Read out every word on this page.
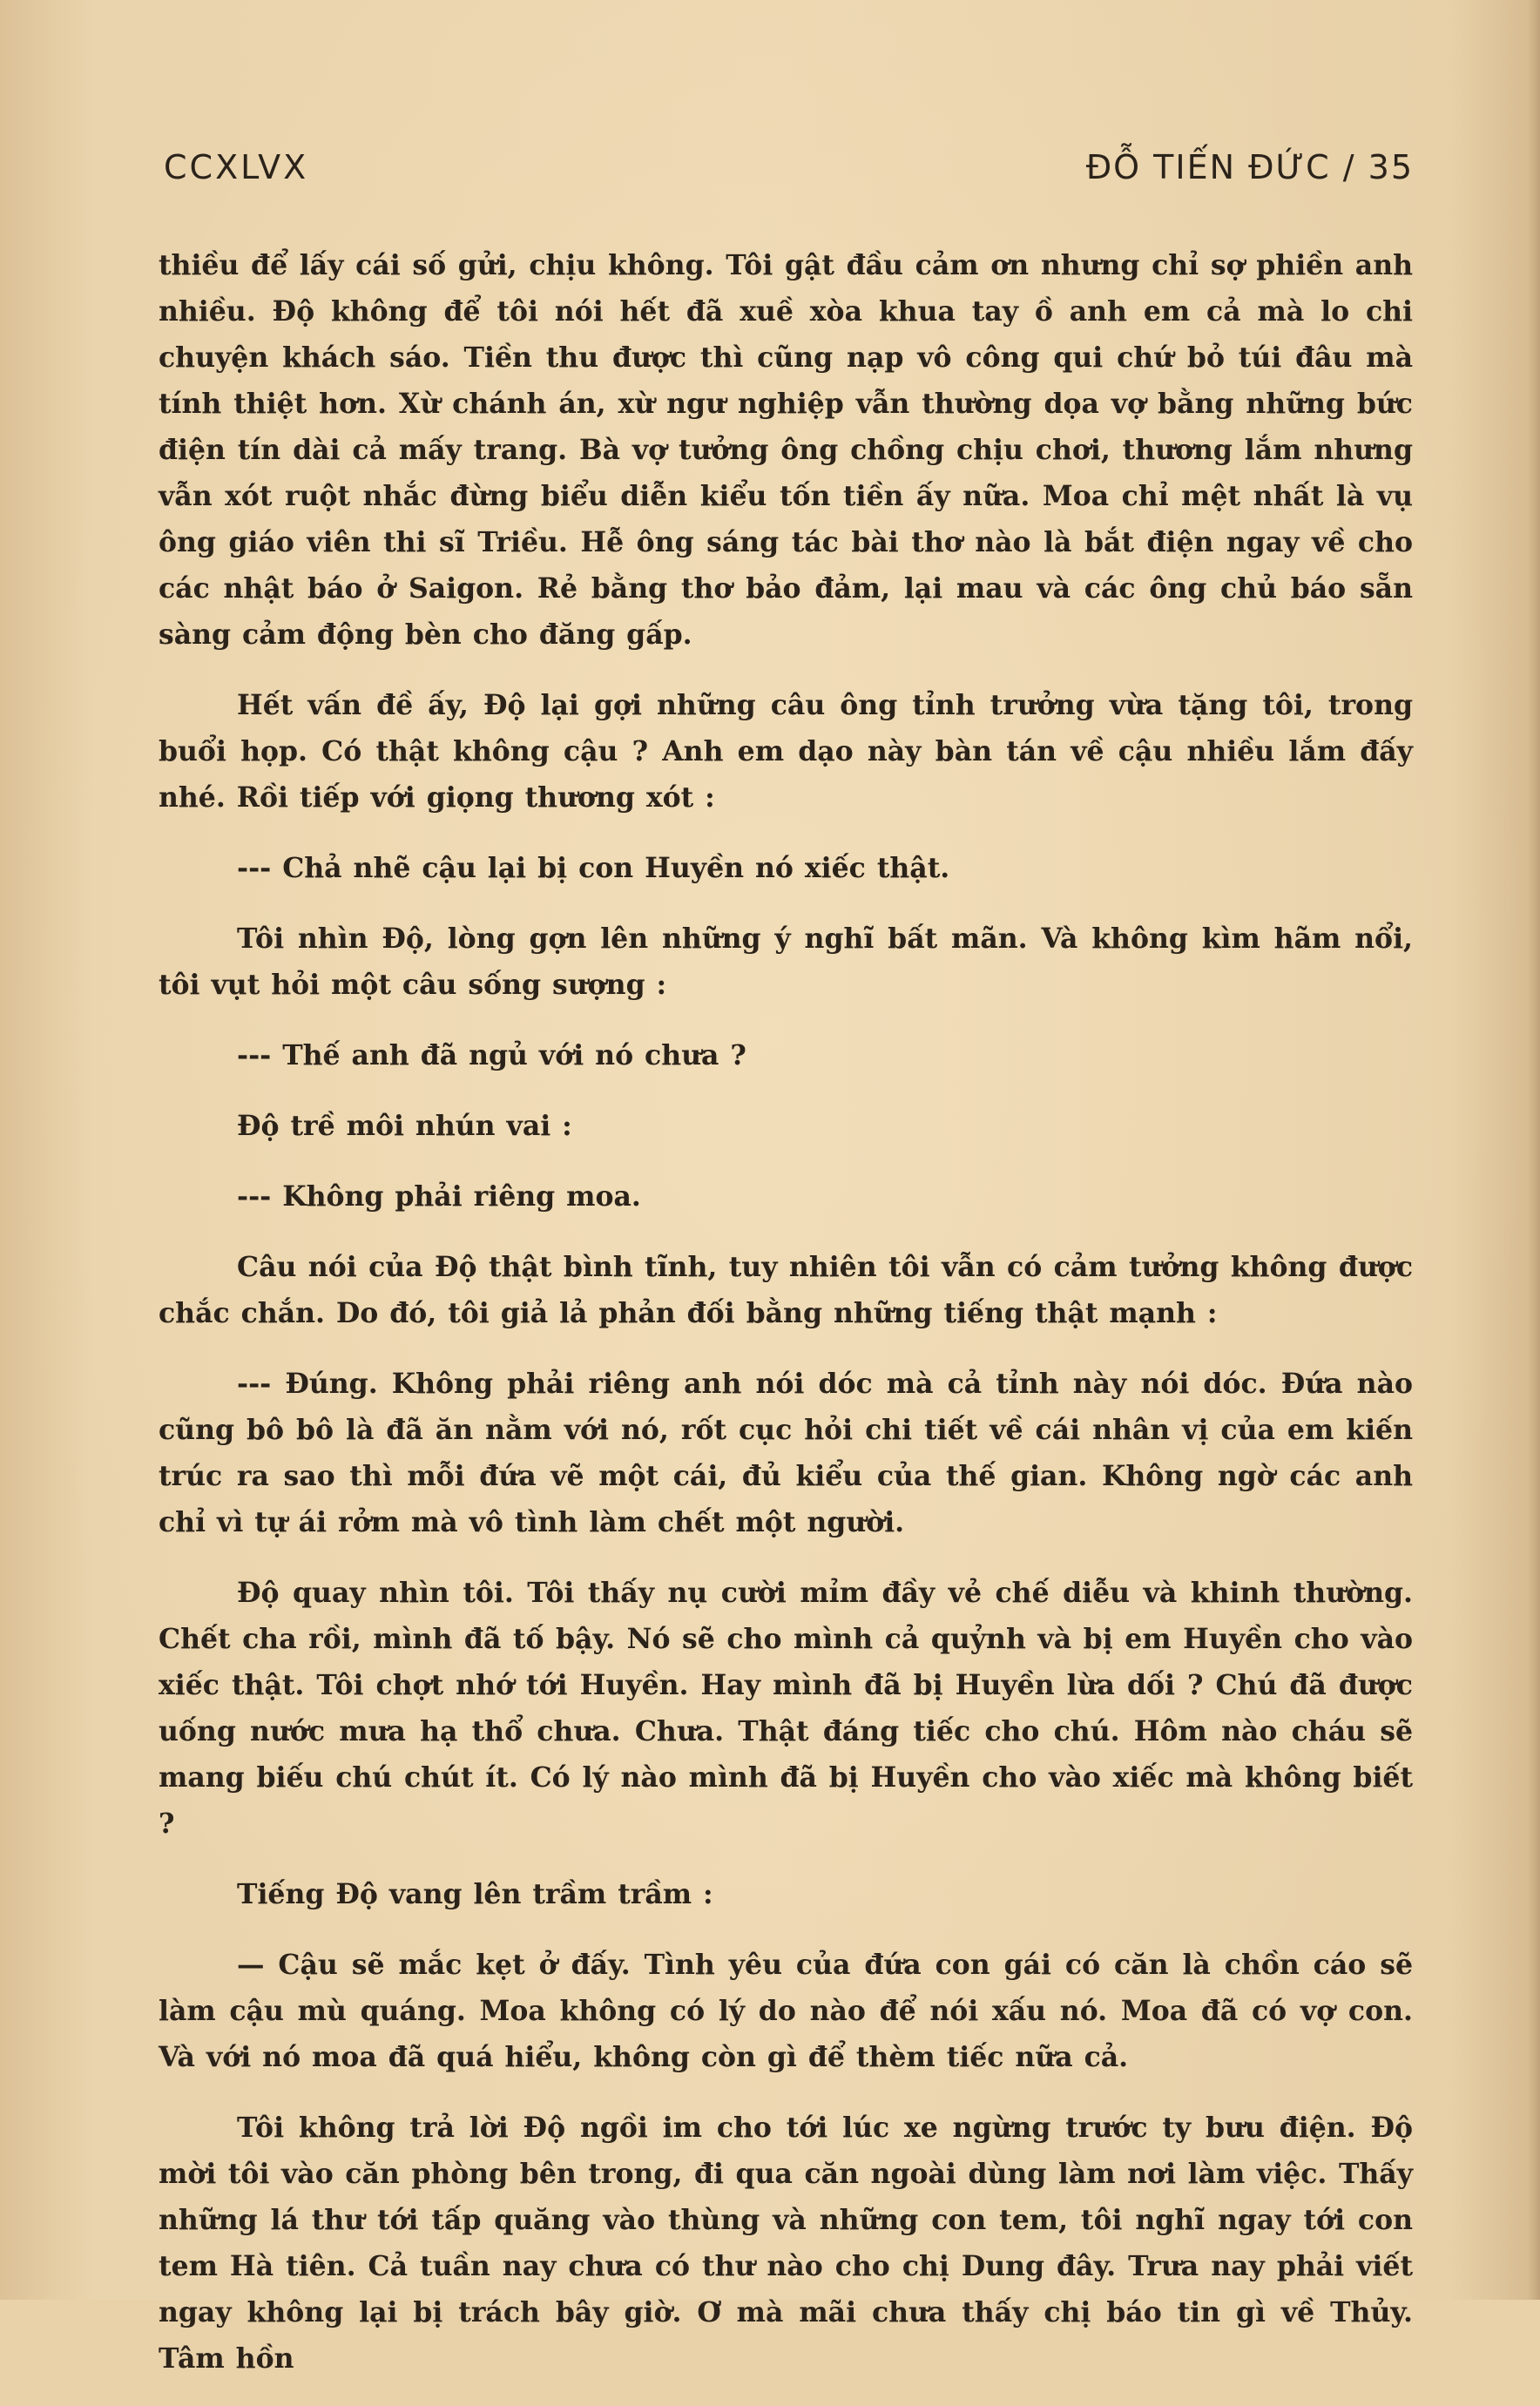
CCXLVX	ĐỖ TIẾN ĐỨC / 35

thiều để lấy cái số gửi, chịu không. Tôi gật đầu cảm ơn nhưng chỉ sợ phiền anh nhiều. Độ không để tôi nói hết đã xuề xòa khua tay ồ anh em cả mà lo chi chuyện khách sáo. Tiền thu được thì cũng nạp vô công qui chứ bỏ túi đâu mà tính thiệt hơn. Xừ chánh án, xừ ngư nghiệp vẫn thường dọa vợ bằng những bức điện tín dài cả mấy trang. Bà vợ tưởng ông chồng chịu chơi, thương lắm nhưng vẫn xót ruột nhắc đừng biểu diễn kiểu tốn tiền ấy nữa. Moa chỉ mệt nhất là vụ ông giáo viên thi sĩ Triều. Hễ ông sáng tác bài thơ nào là bắt điện ngay về cho các nhật báo ở Saigon. Rẻ bằng thơ bảo đảm, lại mau và các ông chủ báo sẵn sàng cảm động bèn cho đăng gấp.

Hết vấn đề ấy, Độ lại gợi những câu ông tỉnh trưởng vừa tặng tôi, trong buổi họp. Có thật không cậu ? Anh em dạo này bàn tán về cậu nhiều lắm đấy nhé. Rồi tiếp với giọng thương xót :

--- Chả nhẽ cậu lại bị con Huyền nó xiếc thật.

Tôi nhìn Độ, lòng gợn lên những ý nghĩ bất mãn. Và không kìm hãm nổi, tôi vụt hỏi một câu sống sượng :

--- Thế anh đã ngủ với nó chưa ?

Độ trề môi nhún vai :

--- Không phải riêng moa.

Câu nói của Độ thật bình tĩnh, tuy nhiên tôi vẫn có cảm tưởng không được chắc chắn. Do đó, tôi giả lả phản đối bằng những tiếng thật mạnh :

--- Đúng. Không phải riêng anh nói dóc mà cả tỉnh này nói dóc. Đứa nào cũng bô bô là đã ăn nằm với nó, rốt cục hỏi chi tiết về cái nhân vị của em kiến trúc ra sao thì mỗi đứa vẽ một cái, đủ kiểu của thế gian. Không ngờ các anh chỉ vì tự ái rởm mà vô tình làm chết một người.

Độ quay nhìn tôi. Tôi thấy nụ cười mỉm đầy vẻ chế diễu và khinh thường. Chết cha rồi, mình đã tố bậy. Nó sẽ cho mình cả quỷnh và bị em Huyền cho vào xiếc thật. Tôi chợt nhớ tới Huyền. Hay mình đã bị Huyền lừa dối ? Chú đã được uống nước mưa hạ thổ chưa. Chưa. Thật đáng tiếc cho chú. Hôm nào cháu sẽ mang biếu chú chút ít. Có lý nào mình đã bị Huyền cho vào xiếc mà không biết ?

Tiếng Độ vang lên trầm trầm :

— Cậu sẽ mắc kẹt ở đấy. Tình yêu của đứa con gái có căn là chồn cáo sẽ làm cậu mù quáng. Moa không có lý do nào để nói xấu nó. Moa đã có vợ con. Và với nó moa đã quá hiểu, không còn gì để thèm tiếc nữa cả.

Tôi không trả lời Độ ngồi im cho tới lúc xe ngừng trước ty bưu điện. Độ mời tôi vào căn phòng bên trong, đi qua căn ngoài dùng làm nơi làm việc. Thấy những lá thư tới tấp quăng vào thùng và những con tem, tôi nghĩ ngay tới con tem Hà tiên. Cả tuần nay chưa có thư nào cho chị Dung đây. Trưa nay phải viết ngay không lại bị trách bây giờ. Ơ mà mãi chưa thấy chị báo tin gì về Thủy. Tâm hồn
